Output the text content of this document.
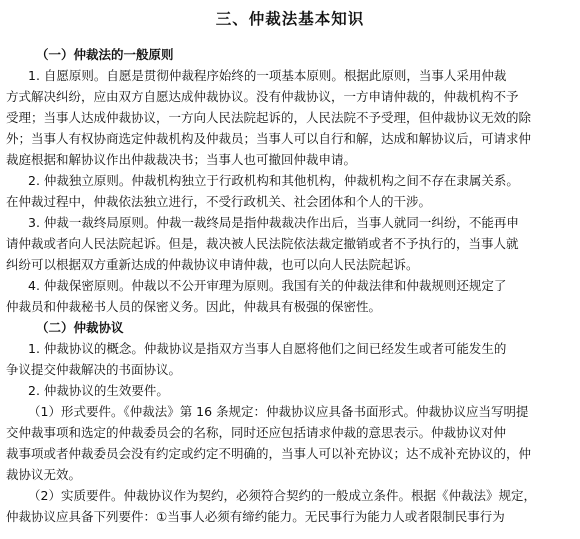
三、仲裁法基本知识
（一）仲裁法的一般原则
1. 自愿原则。自愿是贯彻仲裁程序始终的一项基本原则。根据此原则，当事人采用仲裁
方式解决纠纷，应由双方自愿达成仲裁协议。没有仲裁协议，一方申请仲裁的，仲裁机构不予
受理；当事人达成仲裁协议，一方向人民法院起诉的，人民法院不予受理，但仲裁协议无效的除
外；当事人有权协商选定仲裁机构及仲裁员；当事人可以自行和解，达成和解协议后，可请求仲
裁庭根据和解协议作出仲裁裁决书；当事人也可撤回仲裁申请。
2. 仲裁独立原则。仲裁机构独立于行政机构和其他机构，仲裁机构之间不存在隶属关系。
在仲裁过程中，仲裁依法独立进行，不受行政机关、社会团体和个人的干涉。
3. 仲裁一裁终局原则。仲裁一裁终局是指仲裁裁决作出后，当事人就同一纠纷，不能再申
请仲裁或者向人民法院起诉。但是，裁决被人民法院依法裁定撤销或者不予执行的，当事人就
纠纷可以根据双方重新达成的仲裁协议申请仲裁，也可以向人民法院起诉。
4. 仲裁保密原则。仲裁以不公开审理为原则。我国有关的仲裁法律和仲裁规则还规定了
仲裁员和仲裁秘书人员的保密义务。因此，仲裁具有极强的保密性。
（二）仲裁协议
1. 仲裁协议的概念。仲裁协议是指双方当事人自愿将他们之间已经发生或者可能发生的
争议提交仲裁解决的书面协议。
2. 仲裁协议的生效要件。
（1）形式要件。《仲裁法》第 16 条规定：仲裁协议应具备书面形式。仲裁协议应当写明提
交仲裁事项和选定的仲裁委员会的名称，同时还应包括请求仲裁的意思表示。仲裁协议对仲
裁事项或者仲裁委员会没有约定或约定不明确的，当事人可以补充协议；达不成补充协议的，仲
裁协议无效。
（2）实质要件。仲裁协议作为契约，必须符合契约的一般成立条件。根据《仲裁法》规定，
仲裁协议应具备下列要件：①当事人必须有缔约能力。无民事行为能力人或者限制民事行为
